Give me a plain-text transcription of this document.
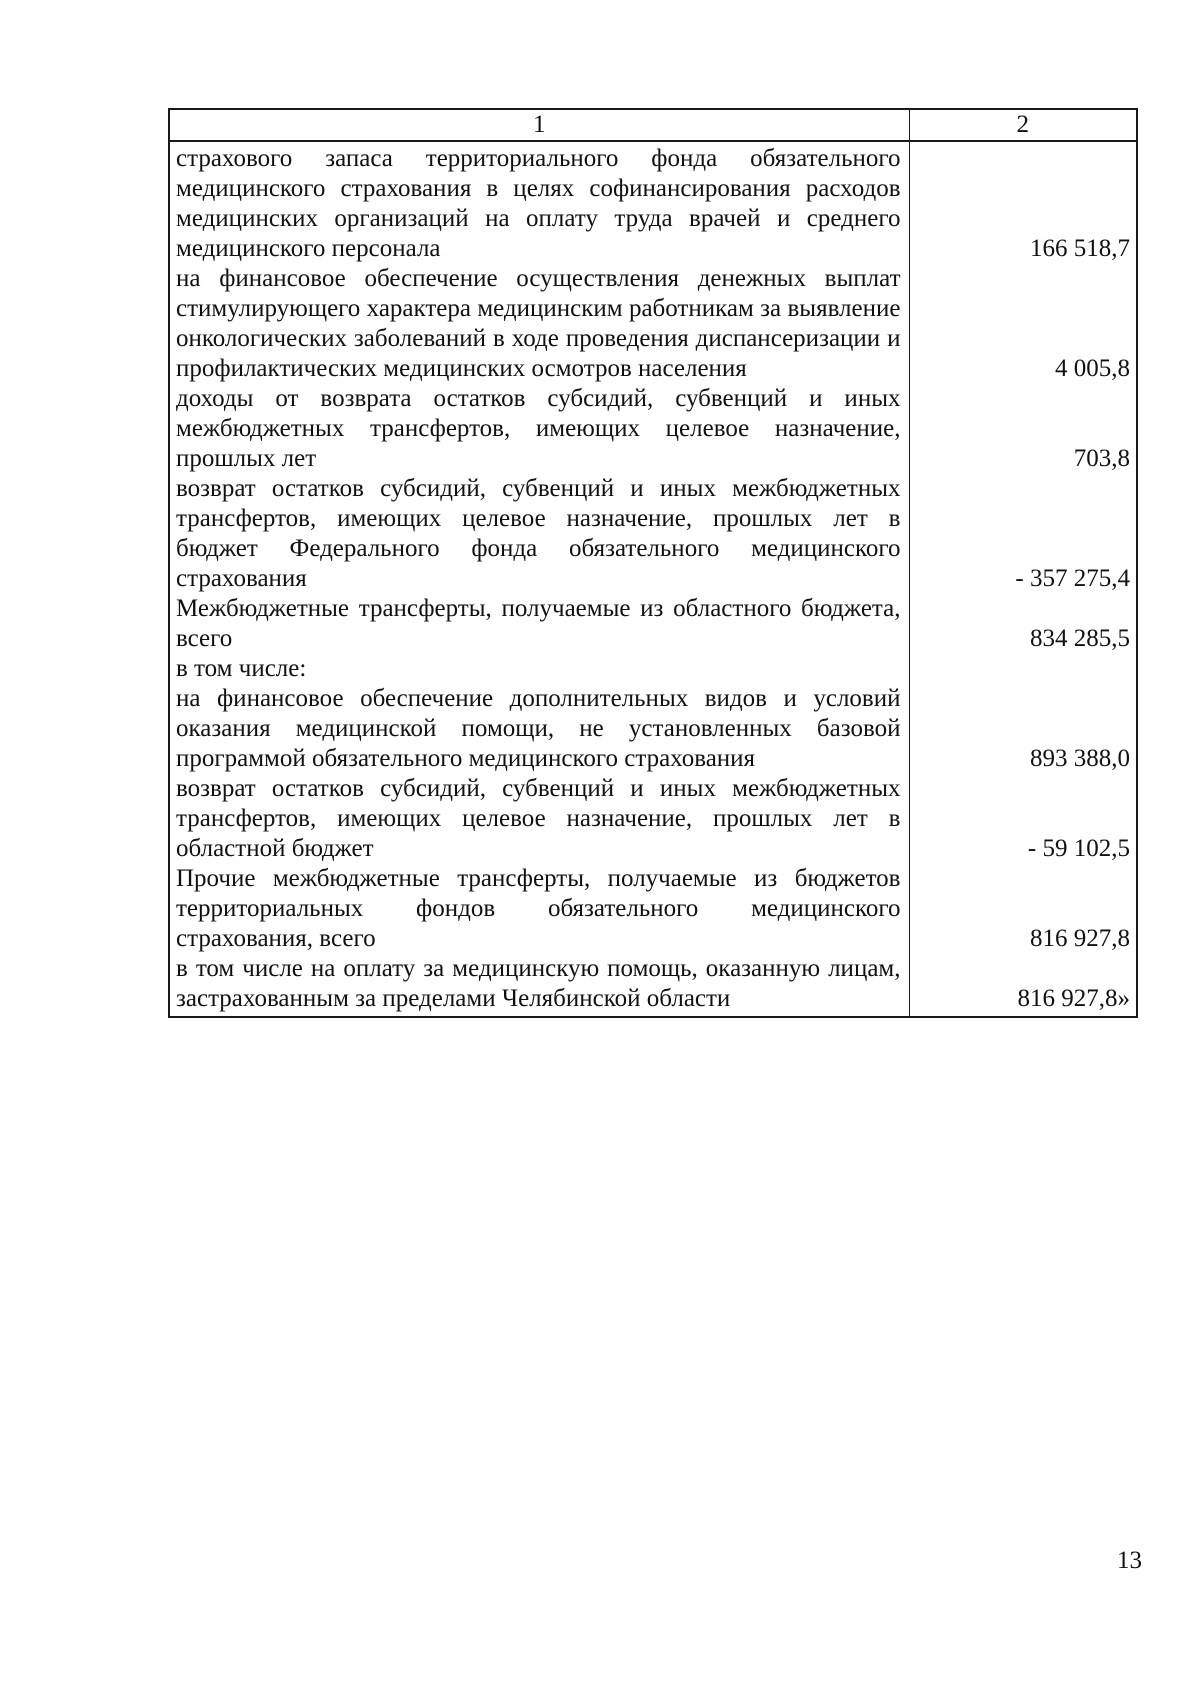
1	2
страхового запаса территориального фонда обязательного медицинского страхования в целях софинансирования расходов медицинских организаций на оплату труда врачей и среднего медицинского персонала	166 518,7
на финансовое обеспечение осуществления денежных выплат стимулирующего характера медицинским работникам за выявление онкологических заболеваний в ходе проведения диспансеризации и профилактических медицинских осмотров населения	4 005,8
доходы от возврата остатков субсидий, субвенций и иных межбюджетных трансфертов, имеющих целевое назначение, прошлых лет	703,8
возврат остатков субсидий, субвенций и иных межбюджетных трансфертов, имеющих целевое назначение, прошлых лет в бюджет Федерального фонда обязательного медицинского страхования	- 357 275,4
Межбюджетные трансферты, получаемые из областного бюджета, всего	834 285,5
в том числе:	
на финансовое обеспечение дополнительных видов и условий оказания медицинской помощи, не установленных базовой программой обязательного медицинского страхования	893 388,0
возврат остатков субсидий, субвенций и иных межбюджетных трансфертов, имеющих целевое назначение, прошлых лет в областной бюджет	- 59 102,5
Прочие межбюджетные трансферты, получаемые из бюджетов территориальных фондов обязательного медицинского страхования, всего	816 927,8
в том числе на оплату за медицинскую помощь, оказанную лицам, застрахованным за пределами Челябинской области	816 927,8»
13
